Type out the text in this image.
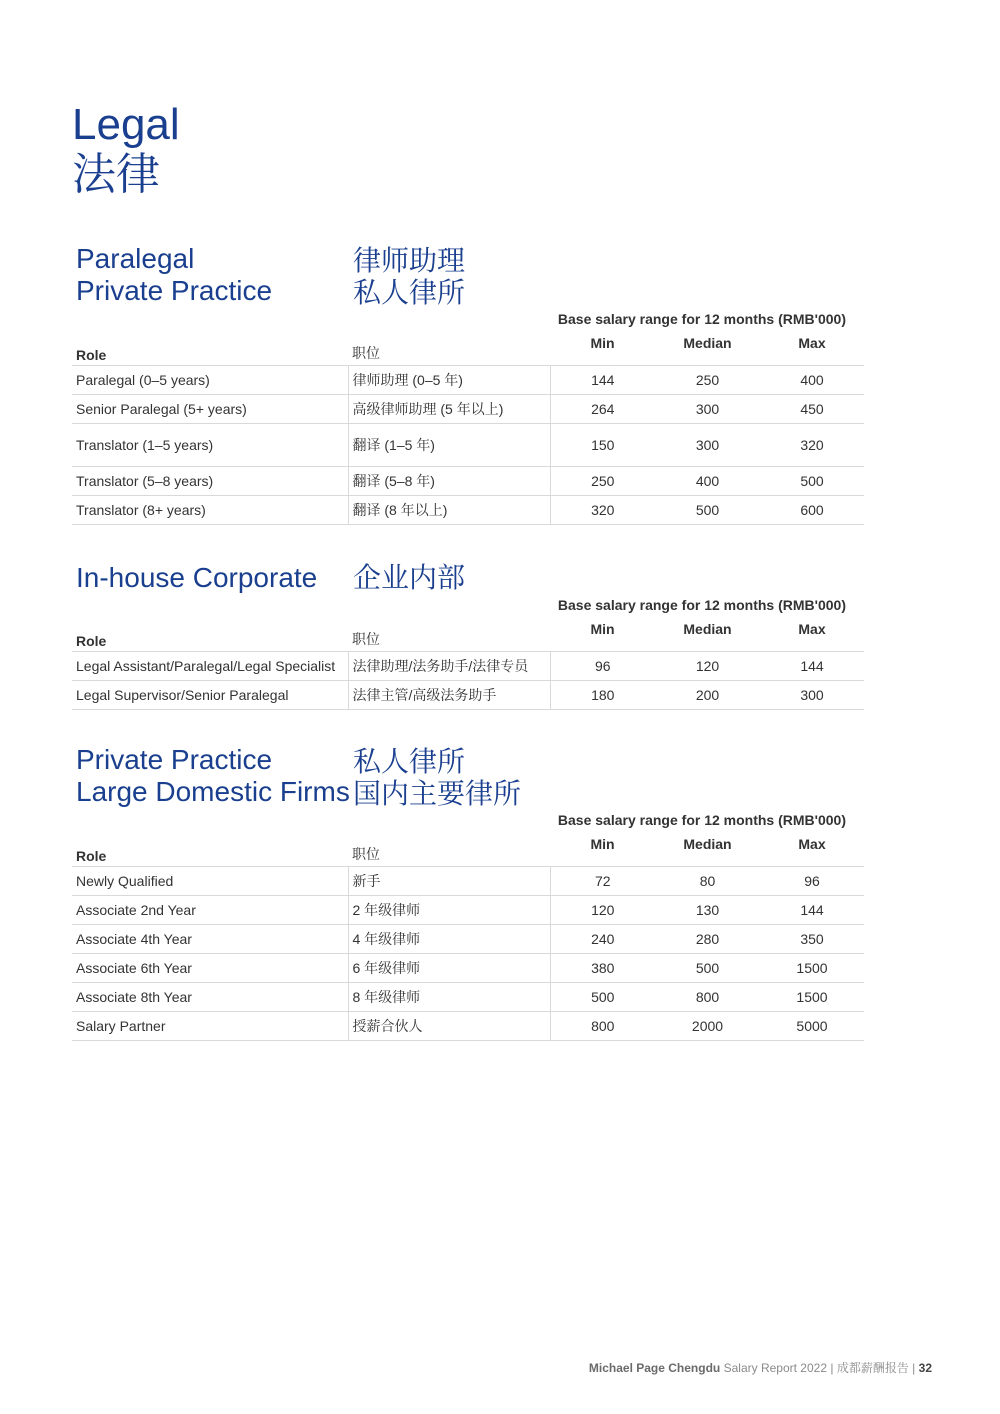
Legal
法律
Paralegal
Private Practice
律师助理
私人律所
Base salary range for 12 months (RMB'000)
Role	职位	Min	Median	Max
Paralegal (0–5 years)	律师助理 (0–5 年)	144	250	400
Senior Paralegal (5+ years)	高级律师助理 (5 年以上)	264	300	450
Translator (1–5 years)	翻译 (1–5 年)	150	300	320
Translator (5–8 years)	翻译 (5–8 年)	250	400	500
Translator (8+ years)	翻译 (8 年以上)	320	500	600
In-house Corporate 企业内部
Base salary range for 12 months (RMB'000)
Role	职位	Min	Median	Max
Legal Assistant/Paralegal/Legal Specialist	法律助理/法务助手/法律专员	96	120	144
Legal Supervisor/Senior Paralegal	法律主管/高级法务助手	180	200	300
Private Practice
Large Domestic Firms
私人律所
国内主要律所
Base salary range for 12 months (RMB'000)
Role	职位	Min	Median	Max
Newly Qualified	新手	72	80	96
Associate 2nd Year	2 年级律师	120	130	144
Associate 4th Year	4 年级律师	240	280	350
Associate 6th Year	6 年级律师	380	500	1500
Associate 8th Year	8 年级律师	500	800	1500
Salary Partner	授薪合伙人	800	2000	5000
Michael Page Chengdu Salary Report 2022 | 成都薪酬报告 | 32
